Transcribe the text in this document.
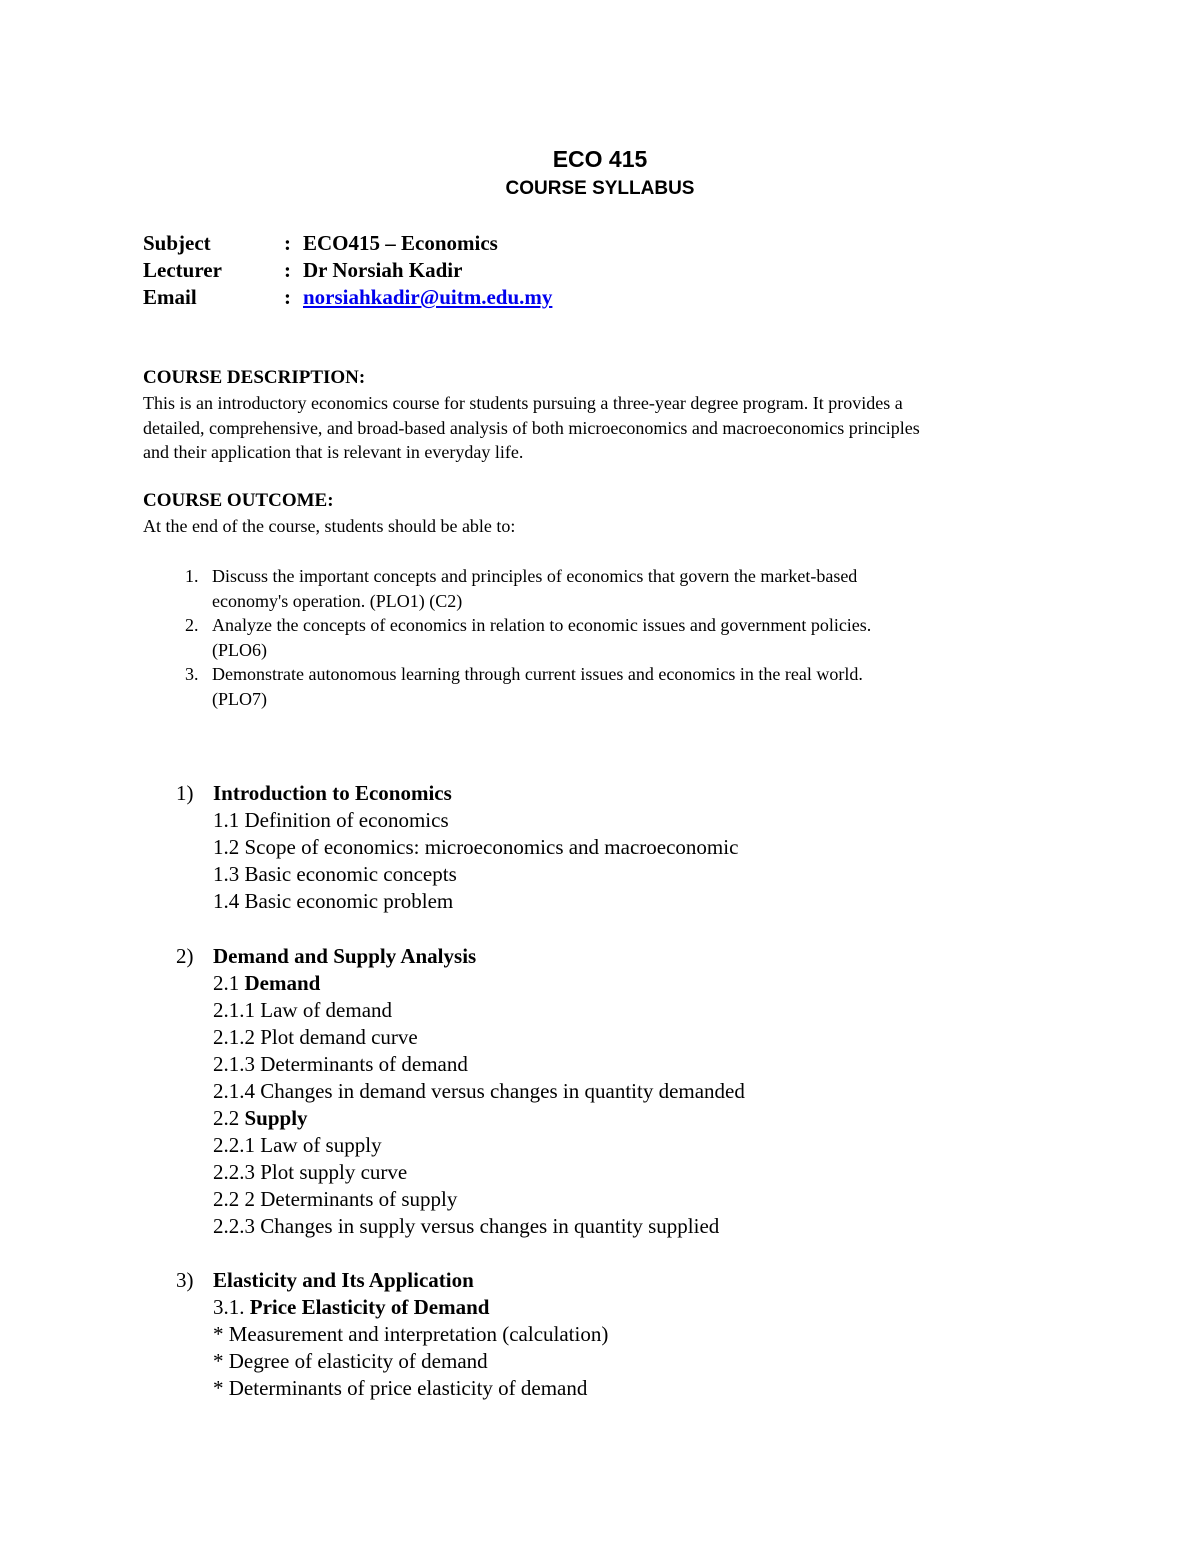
ECO 415
COURSE SYLLABUS
Subject	: ECO415 – Economics
Lecturer	: Dr Norsiah Kadir
Email	: norsiahkadir@uitm.edu.my
COURSE DESCRIPTION:
This is an introductory economics course for students pursuing a three-year degree program. It provides a
detailed, comprehensive, and broad-based analysis of both microeconomics and macroeconomics principles
and their application that is relevant in everyday life.
COURSE OUTCOME:
At the end of the course, students should be able to:
1. Discuss the important concepts and principles of economics that govern the market-based
economy's operation. (PLO1) (C2)
2. Analyze the concepts of economics in relation to economic issues and government policies.
(PLO6)
3. Demonstrate autonomous learning through current issues and economics in the real world.
(PLO7)
1) Introduction to Economics
1.1 Definition of economics
1.2 Scope of economics: microeconomics and macroeconomic
1.3 Basic economic concepts
1.4 Basic economic problem
2) Demand and Supply Analysis
2.1 Demand
2.1.1 Law of demand
2.1.2 Plot demand curve
2.1.3 Determinants of demand
2.1.4 Changes in demand versus changes in quantity demanded
2.2 Supply
2.2.1 Law of supply
2.2.3 Plot supply curve
2.2 2 Determinants of supply
2.2.3 Changes in supply versus changes in quantity supplied
3) Elasticity and Its Application
3.1. Price Elasticity of Demand
* Measurement and interpretation (calculation)
* Degree of elasticity of demand
* Determinants of price elasticity of demand
